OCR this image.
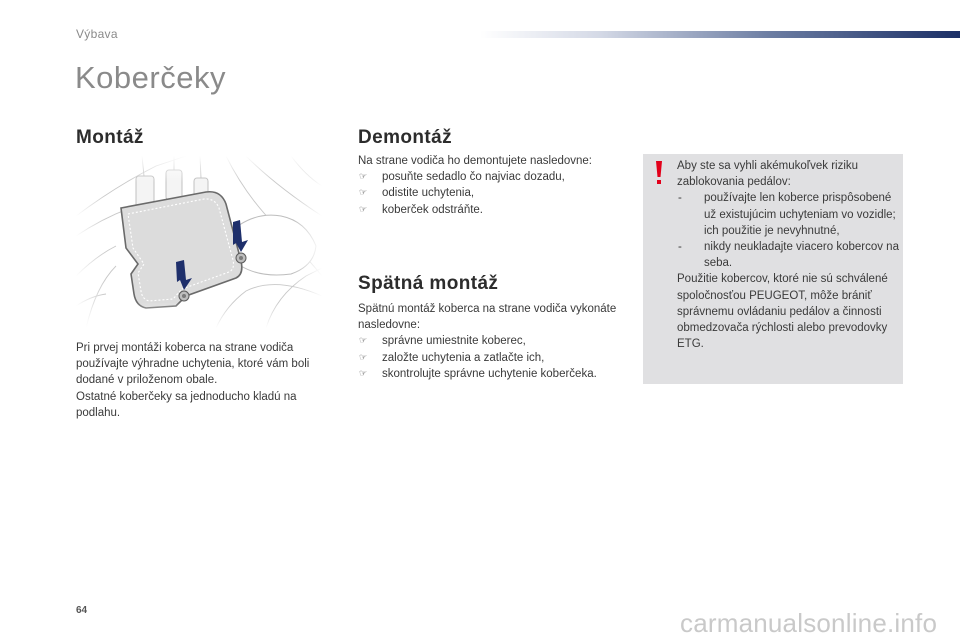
Výbava
Koberčeky
Montáž

Pri prvej montáži koberca na strane vodiča používajte výhradne uchytenia, ktoré vám boli dodané v priloženom obale.

Ostatné koberčeky sa jednoducho kladú na podlahu.

Demontáž

Na strane vodiča ho demontujete nasledovne:

☞ posuňte sedadlo čo najviac dozadu,
☞ odistite uchytenia,
☞ koberček odstráňte.
Spätná montáž

Spätnú montáž koberca na strane vodiča vykonáte nasledovne:

☞ správne umiestnite koberec,
☞ založte uchytenia a zatlačte ich,
☞ skontrolujte správne uchytenie koberčeka.

Aby ste sa vyhli akémukoľvek riziku zablokovania pedálov:

- používajte len koberce prispôsobené už existujúcim uchyteniam vo vozidle; ich použitie je nevyhnutné,
- nikdy neukladajte viacero kobercov na seba.

Použitie kobercov, ktoré nie sú schválené spoločnosťou PEUGEOT, môže brániť správnemu ovládaniu pedálov a činnosti obmedzovača rýchlosti alebo prevodovky ETG.

64	carmanualsonline.info
